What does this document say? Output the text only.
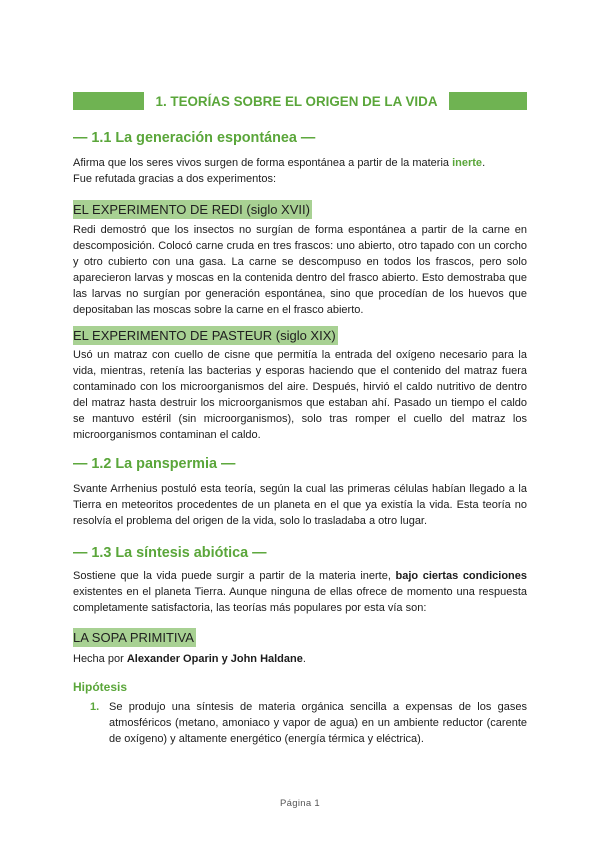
1. TEORÍAS SOBRE EL ORIGEN DE LA VIDA
— 1.1 La generación espontánea —
Afirma que los seres vivos surgen de forma espontánea a partir de la materia inerte.
Fue refutada gracias a dos experimentos:
EL EXPERIMENTO DE REDI (siglo XVII)
Redi demostró que los insectos no surgían de forma espontánea a partir de la carne en descomposición. Colocó carne cruda en tres frascos: uno abierto, otro tapado con un corcho y otro cubierto con una gasa. La carne se descompuso en todos los frascos, pero solo aparecieron larvas y moscas en la contenida dentro del frasco abierto. Esto demostraba que las larvas no surgían por generación espontánea, sino que procedían de los huevos que depositaban las moscas sobre la carne en el frasco abierto.
EL EXPERIMENTO DE PASTEUR (siglo XIX)
Usó un matraz con cuello de cisne que permitía la entrada del oxígeno necesario para la vida, mientras, retenía las bacterias y esporas haciendo que el contenido del matraz fuera contaminado con los microorganismos del aire. Después, hirvió el caldo nutritivo de dentro del matraz hasta destruir los microorganismos que estaban ahí. Pasado un tiempo el caldo se mantuvo estéril (sin microorganismos), solo tras romper el cuello del matraz los microorganismos contaminan el caldo.
— 1.2 La panspermia —
Svante Arrhenius postuló esta teoría, según la cual las primeras células habían llegado a la Tierra en meteoritos procedentes de un planeta en el que ya existía la vida. Esta teoría no resolvía el problema del origen de la vida, solo lo trasladaba a otro lugar.
— 1.3 La síntesis abiótica —
Sostiene que la vida puede surgir a partir de la materia inerte, bajo ciertas condiciones existentes en el planeta Tierra. Aunque ninguna de ellas ofrece de momento una respuesta completamente satisfactoria, las teorías más populares por esta vía son:
LA SOPA PRIMITIVA
Hecha por Alexander Oparin y John Haldane.
Hipótesis
1. Se produjo una síntesis de materia orgánica sencilla a expensas de los gases atmosféricos (metano, amoniaco y vapor de agua) en un ambiente reductor (carente de oxígeno) y altamente energético (energía térmica y eléctrica).
Página 1
